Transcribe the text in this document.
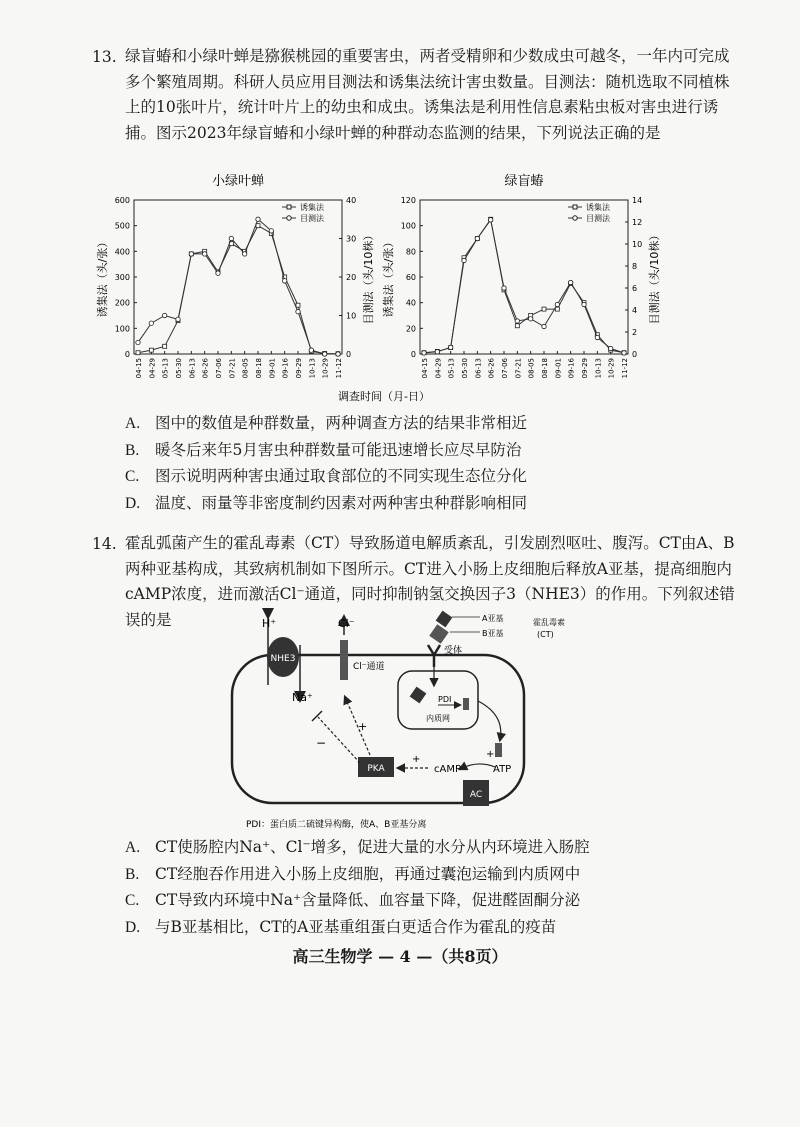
13. 绿盲蝽和小绿叶蝉是猕猴桃园的重要害虫，两者受精卵和少数成虫可越冬，一年内可完成多个繁殖周期。科研人员应用目测法和诱集法统计害虫数量。目测法：随机选取不同植株上的10张叶片，统计叶片上的幼虫和成虫。诱集法是利用性信息素粘虫板对害虫进行诱捕。图示2023年绿盲蝽和小绿叶蝉的种群动态监测的结果，下列说法正确的是
小绿叶蝉
0
100
200
300
400
500
600
0
10
20
30
40
诱集法（头/张）	目测法（头/10株）
04-15 04-29 05-13 05-30 06-13 06-26 07-06 07-21 08-05 08-18 09-01 09-16 09-29 10-13 10-29 11-12
诱集法
目测法
绿盲蝽
0
20
40
60
80
100
120
0
2
4
6
8
10
12
14
诱集法（头/张）	目测法（头/10株）
04-15 04-29 05-13 05-30 06-13 06-26 07-06 07-21 08-05 08-18 09-01 09-16 09-29 10-13 10-29 11-12
诱集法
目测法
调查时间（月-日）
A. 图中的数值是种群数量，两种调查方法的结果非常相近
B. 暖冬后来年5月害虫种群数量可能迅速增长应尽早防治
C. 图示说明两种害虫通过取食部位的不同实现生态位分化
D. 温度、雨量等非密度制约因素对两种害虫种群影响相同
14. 霍乱弧菌产生的霍乱毒素（CT）导致肠道电解质紊乱，引发剧烈呕吐、腹泻。CT由A、B两种亚基构成，其致病机制如下图所示。CT进入小肠上皮细胞后释放A亚基，提高细胞内cAMP浓度，进而激活Cl⁻通道，同时抑制钠氢交换因子3（NHE3）的作用。下列叙述错误的是
NHE3
H⁺
Na⁺
Cl⁻
Cl⁻通道
A亚基
B亚基
霍乱毒素
(CT)
受体
PDI
内质网
AC
ATP
cAMP
+
+
PKA
+
−
PDI：蛋白质二硫键异构酶，使A、B亚基分离
A. CT使肠腔内Na⁺、Cl⁻增多，促进大量的水分从内环境进入肠腔
B. CT经胞吞作用进入小肠上皮细胞，再通过囊泡运输到内质网中
C. CT导致内环境中Na⁺含量降低、血容量下降，促进醛固酮分泌
D. 与B亚基相比，CT的A亚基重组蛋白更适合作为霍乱的疫苗
高三生物学 — 4 —（共8页）
